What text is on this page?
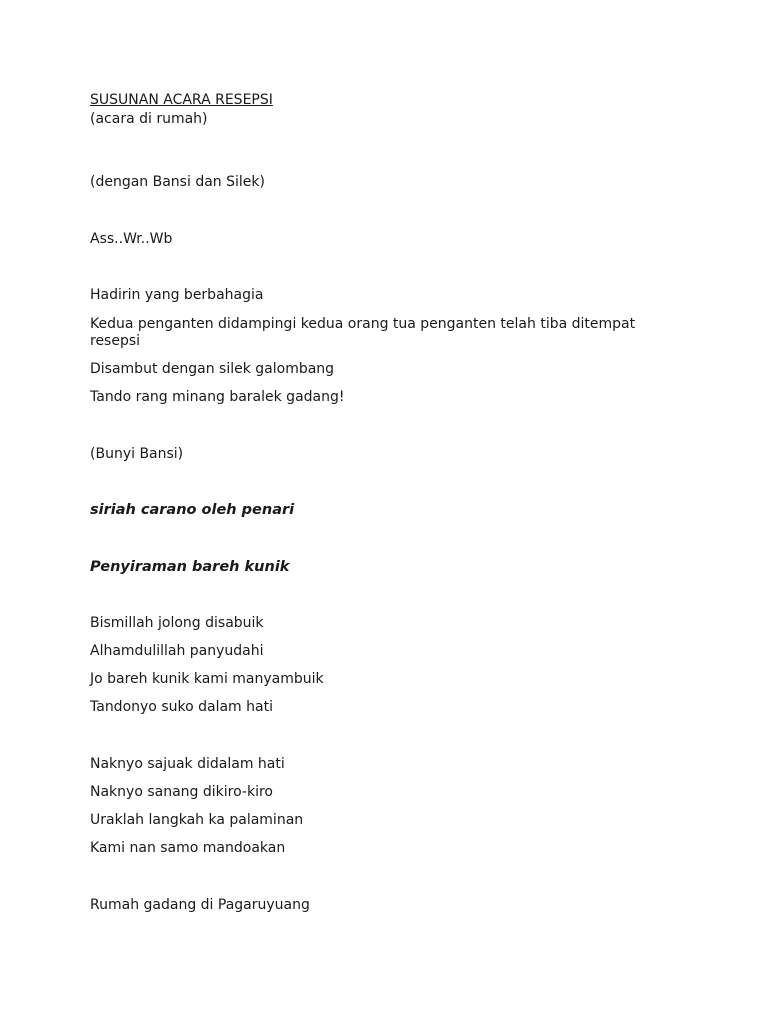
SUSUNAN ACARA RESEPSI
(acara di rumah)
(dengan Bansi dan Silek)
Ass..Wr..Wb
Hadirin yang berbahagia
Kedua penganten didampingi kedua orang tua penganten telah tiba ditempat resepsi
Disambut dengan silek galombang
Tando rang minang baralek gadang!
(Bunyi Bansi)
siriah carano oleh penari
Penyiraman bareh kunik
Bismillah jolong disabuik
Alhamdulillah panyudahi
Jo bareh kunik kami manyambuik
Tandonyo suko dalam hati
Naknyo sajuak didalam hati
Naknyo sanang dikiro-kiro
Uraklah langkah ka palaminan
Kami nan samo mandoakan
Rumah gadang di Pagaruyuang
